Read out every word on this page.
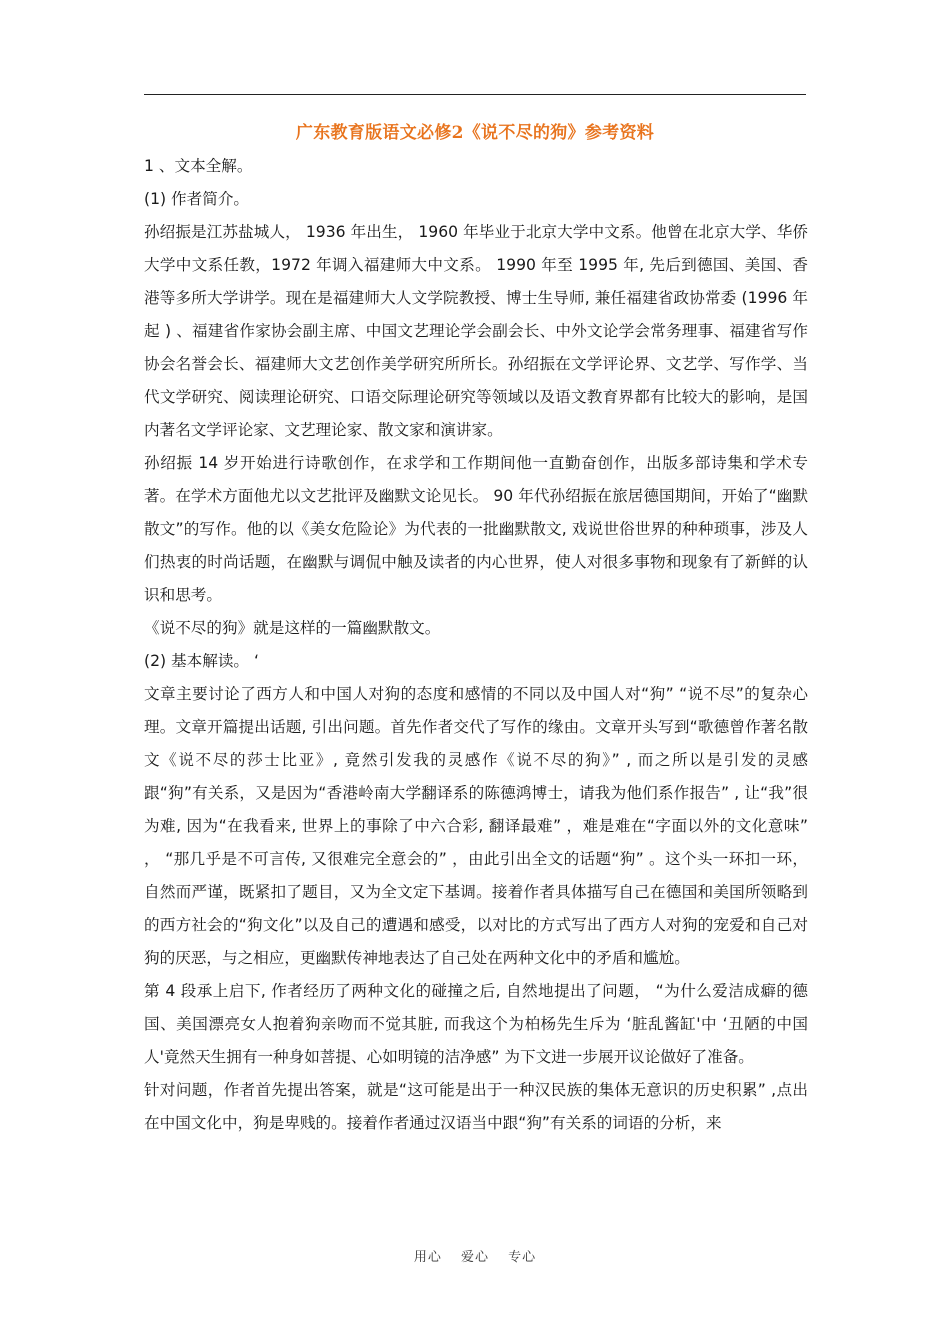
广东教育版语文必修2《说不尽的狗》参考资料

1 、文本全解。

(1) 作者简介。

孙绍振是江苏盐城人， 1936 年出生， 1960 年毕业于北京大学中文系。他曾在北京大学、华侨大学中文系任教，1972 年调入福建师大中文系。 1990 年至 1995 年, 先后到德国、美国、香港等多所大学讲学。现在是福建师大人文学院教授、博士生导师, 兼任福建省政协常委 (1996 年起 ) 、福建省作家协会副主席、中国文艺理论学会副会长、中外文论学会常务理事、福建省写作协会名誉会长、福建师大文艺创作美学研究所所长。孙绍振在文学评论界、文艺学、写作学、当代文学研究、阅读理论研究、口语交际理论研究等领域以及语文教育界都有比较大的影响，是国内著名文学评论家、文艺理论家、散文家和演讲家。

孙绍振 14 岁开始进行诗歌创作，在求学和工作期间他一直勤奋创作，出版多部诗集和学术专著。在学术方面他尤以文艺批评及幽默文论见长。 90 年代孙绍振在旅居德国期间，开始了“幽默散文”的写作。他的以《美女危险论》为代表的一批幽默散文, 戏说世俗世界的种种琐事，涉及人们热衷的时尚话题，在幽默与调侃中触及读者的内心世界，使人对很多事物和现象有了新鲜的认识和思考。

《说不尽的狗》就是这样的一篇幽默散文。

(2) 基本解读。 ‘

文章主要讨论了西方人和中国人对狗的态度和感情的不同以及中国人对“狗” “说不尽”的复杂心理。文章开篇提出话题, 引出问题。首先作者交代了写作的缘由。文章开头写到“歌德曾作著名散文《说不尽的莎士比亚》, 竟然引发我的灵感作《说不尽的狗》” , 而之所以是引发的灵感跟“狗”有关系，又是因为“香港岭南大学翻译系的陈德鸿博士，请我为他们系作报告” , 让“我”很为难, 因为“在我看来, 世界上的事除了中六合彩, 翻译最难” ，难是难在“字面以外的文化意味” ， “那几乎是不可言传, 又很难完全意会的” ，由此引出全文的话题“狗” 。这个头一环扣一环，自然而严谨，既紧扣了题目，又为全文定下基调。接着作者具体描写自己在德国和美国所领略到的西方社会的“狗文化”以及自己的遭遇和感受，以对比的方式写出了西方人对狗的宠爱和自己对狗的厌恶，与之相应，更幽默传神地表达了自己处在两种文化中的矛盾和尴尬。

第 4 段承上启下, 作者经历了两种文化的碰撞之后, 自然地提出了问题， “为什么爱洁成癖的德国、美国漂亮女人抱着狗亲吻而不觉其脏, 而我这个为柏杨先生斥为 ‘脏乱酱缸'中 ‘丑陋的中国人'竟然天生拥有一种身如菩提、心如明镜的洁净感” 为下文进一步展开议论做好了准备。

针对问题，作者首先提出答案，就是“这可能是出于一种汉民族的集体无意识的历史积累” ,点出在中国文化中，狗是卑贱的。接着作者通过汉语当中跟“狗”有关系的词语的分析，来

用心　 爱心　 专心
